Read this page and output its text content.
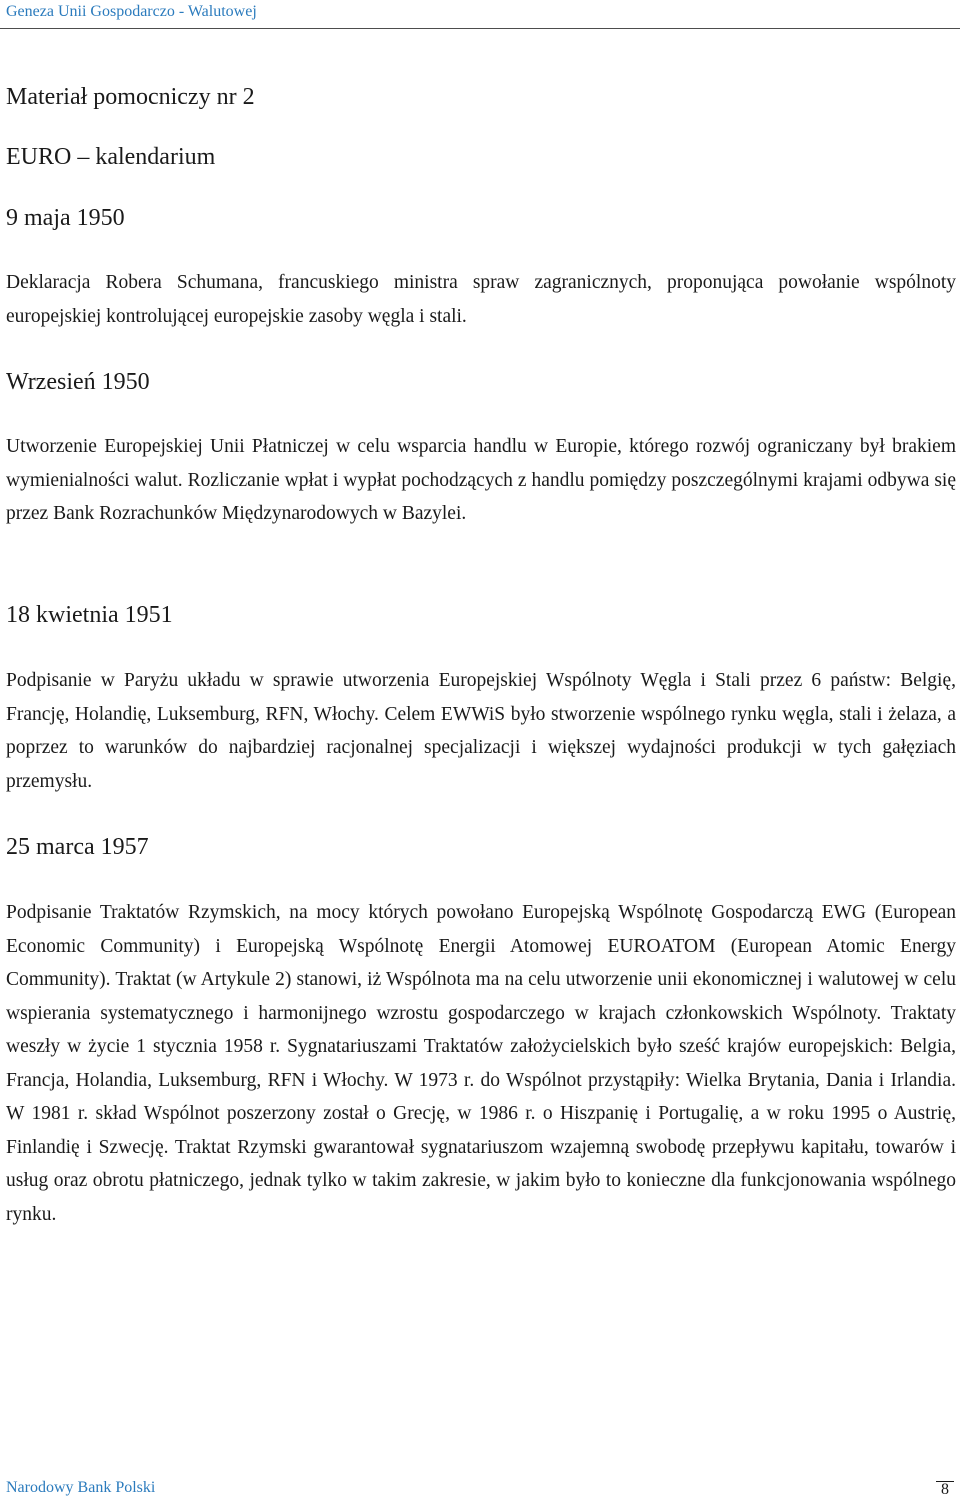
Geneza Unii Gospodarczo - Walutowej
Materiał pomocniczy nr 2
EURO – kalendarium
9 maja 1950

Deklaracja Robera Schumana, francuskiego ministra spraw zagranicznych, proponująca powołanie wspólnoty europejskiej kontrolującej europejskie zasoby węgla i stali.

Wrzesień 1950

Utworzenie Europejskiej Unii Płatniczej w celu wsparcia handlu w Europie, którego rozwój ograniczany był brakiem wymienialności walut. Rozliczanie wpłat i wypłat pochodzących z handlu pomiędzy poszczególnymi krajami odbywa się przez Bank Rozrachunków Międzynarodowych w Bazylei.

18 kwietnia 1951

Podpisanie w Paryżu układu w sprawie utworzenia Europejskiej Wspólnoty Węgla i Stali przez 6 państw: Belgię, Francję, Holandię, Luksemburg, RFN, Włochy. Celem EWWiS było stworzenie wspólnego rynku węgla, stali i żelaza, a poprzez to warunków do najbardziej racjonalnej specjalizacji i większej wydajności produkcji w tych gałęziach przemysłu.

25 marca 1957

Podpisanie Traktatów Rzymskich, na mocy których powołano Europejską Wspólnotę Gospodarczą EWG (European Economic Community) i Europejską Wspólnotę Energii Atomowej EUROATOM (European Atomic Energy Community). Traktat (w Artykule 2) stanowi, iż Wspólnota ma na celu utworzenie unii ekonomicznej i walutowej w celu wspierania systematycznego i harmonijnego wzrostu gospodarczego w krajach członkowskich Wspólnoty. Traktaty weszły w życie 1 stycznia 1958 r. Sygnatariuszami Traktatów założycielskich było sześć krajów europejskich: Belgia, Francja, Holandia, Luksemburg, RFN i Włochy. W 1973 r. do Wspólnot przystąpiły: Wielka Brytania, Dania i Irlandia. W 1981 r. skład Wspólnot poszerzony został o Grecję, w 1986 r. o Hiszpanię i Portugalię, a w roku 1995 o Austrię, Finlandię i Szwecję. Traktat Rzymski gwarantował sygnatariuszom wzajemną swobodę przepływu kapitału, towarów i usług oraz obrotu płatniczego, jednak tylko w takim zakresie, w jakim było to konieczne dla funkcjonowania wspólnego rynku.

Narodowy Bank Polski	8
